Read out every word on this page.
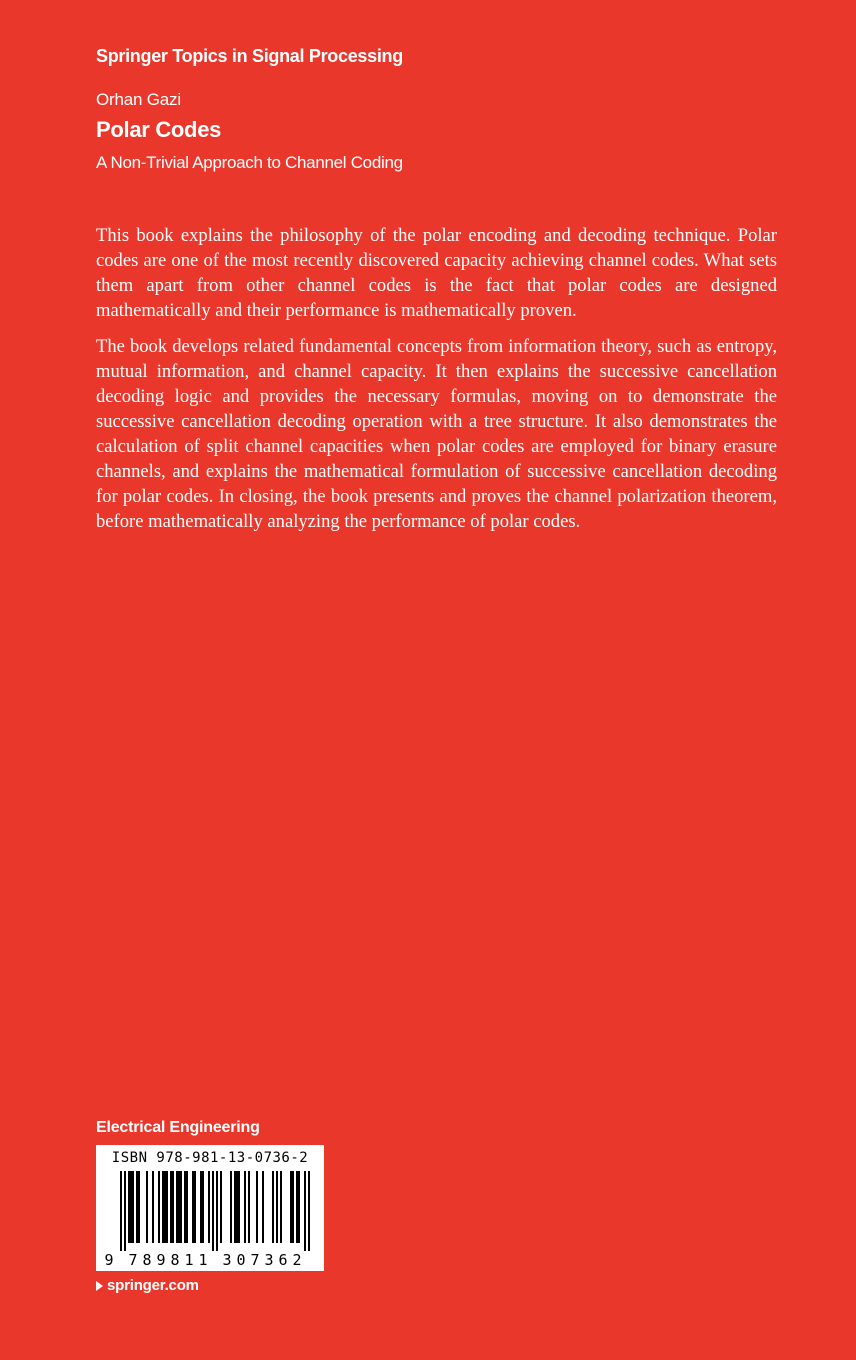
Springer Topics in Signal Processing
Orhan Gazi
Polar Codes
A Non-Trivial Approach to Channel Coding

This book explains the philosophy of the polar encoding and decoding technique. Polar codes are one of the most recently discovered capacity achieving channel codes. What sets them apart from other channel codes is the fact that polar codes are designed mathematically and their performance is mathematically proven.

The book develops related fundamental concepts from information theory, such as entropy, mutual information, and channel capacity. It then explains the successive cancellation decoding logic and provides the necessary formulas, moving on to demonstrate the successive cancellation decoding operation with a tree structure. It also demonstrates the calculation of split channel capacities when polar codes are employed for binary erasure channels, and explains the mathematical formulation of successive cancellation decoding for polar codes. In closing, the book presents and proves the channel polarization theorem, before mathematically analyzing the performance of polar codes.

Electrical Engineering
ISBN 978-981-13-0736-2
9 7 8 9 8 1 1 3 0 7 3 6 2
springer.com
